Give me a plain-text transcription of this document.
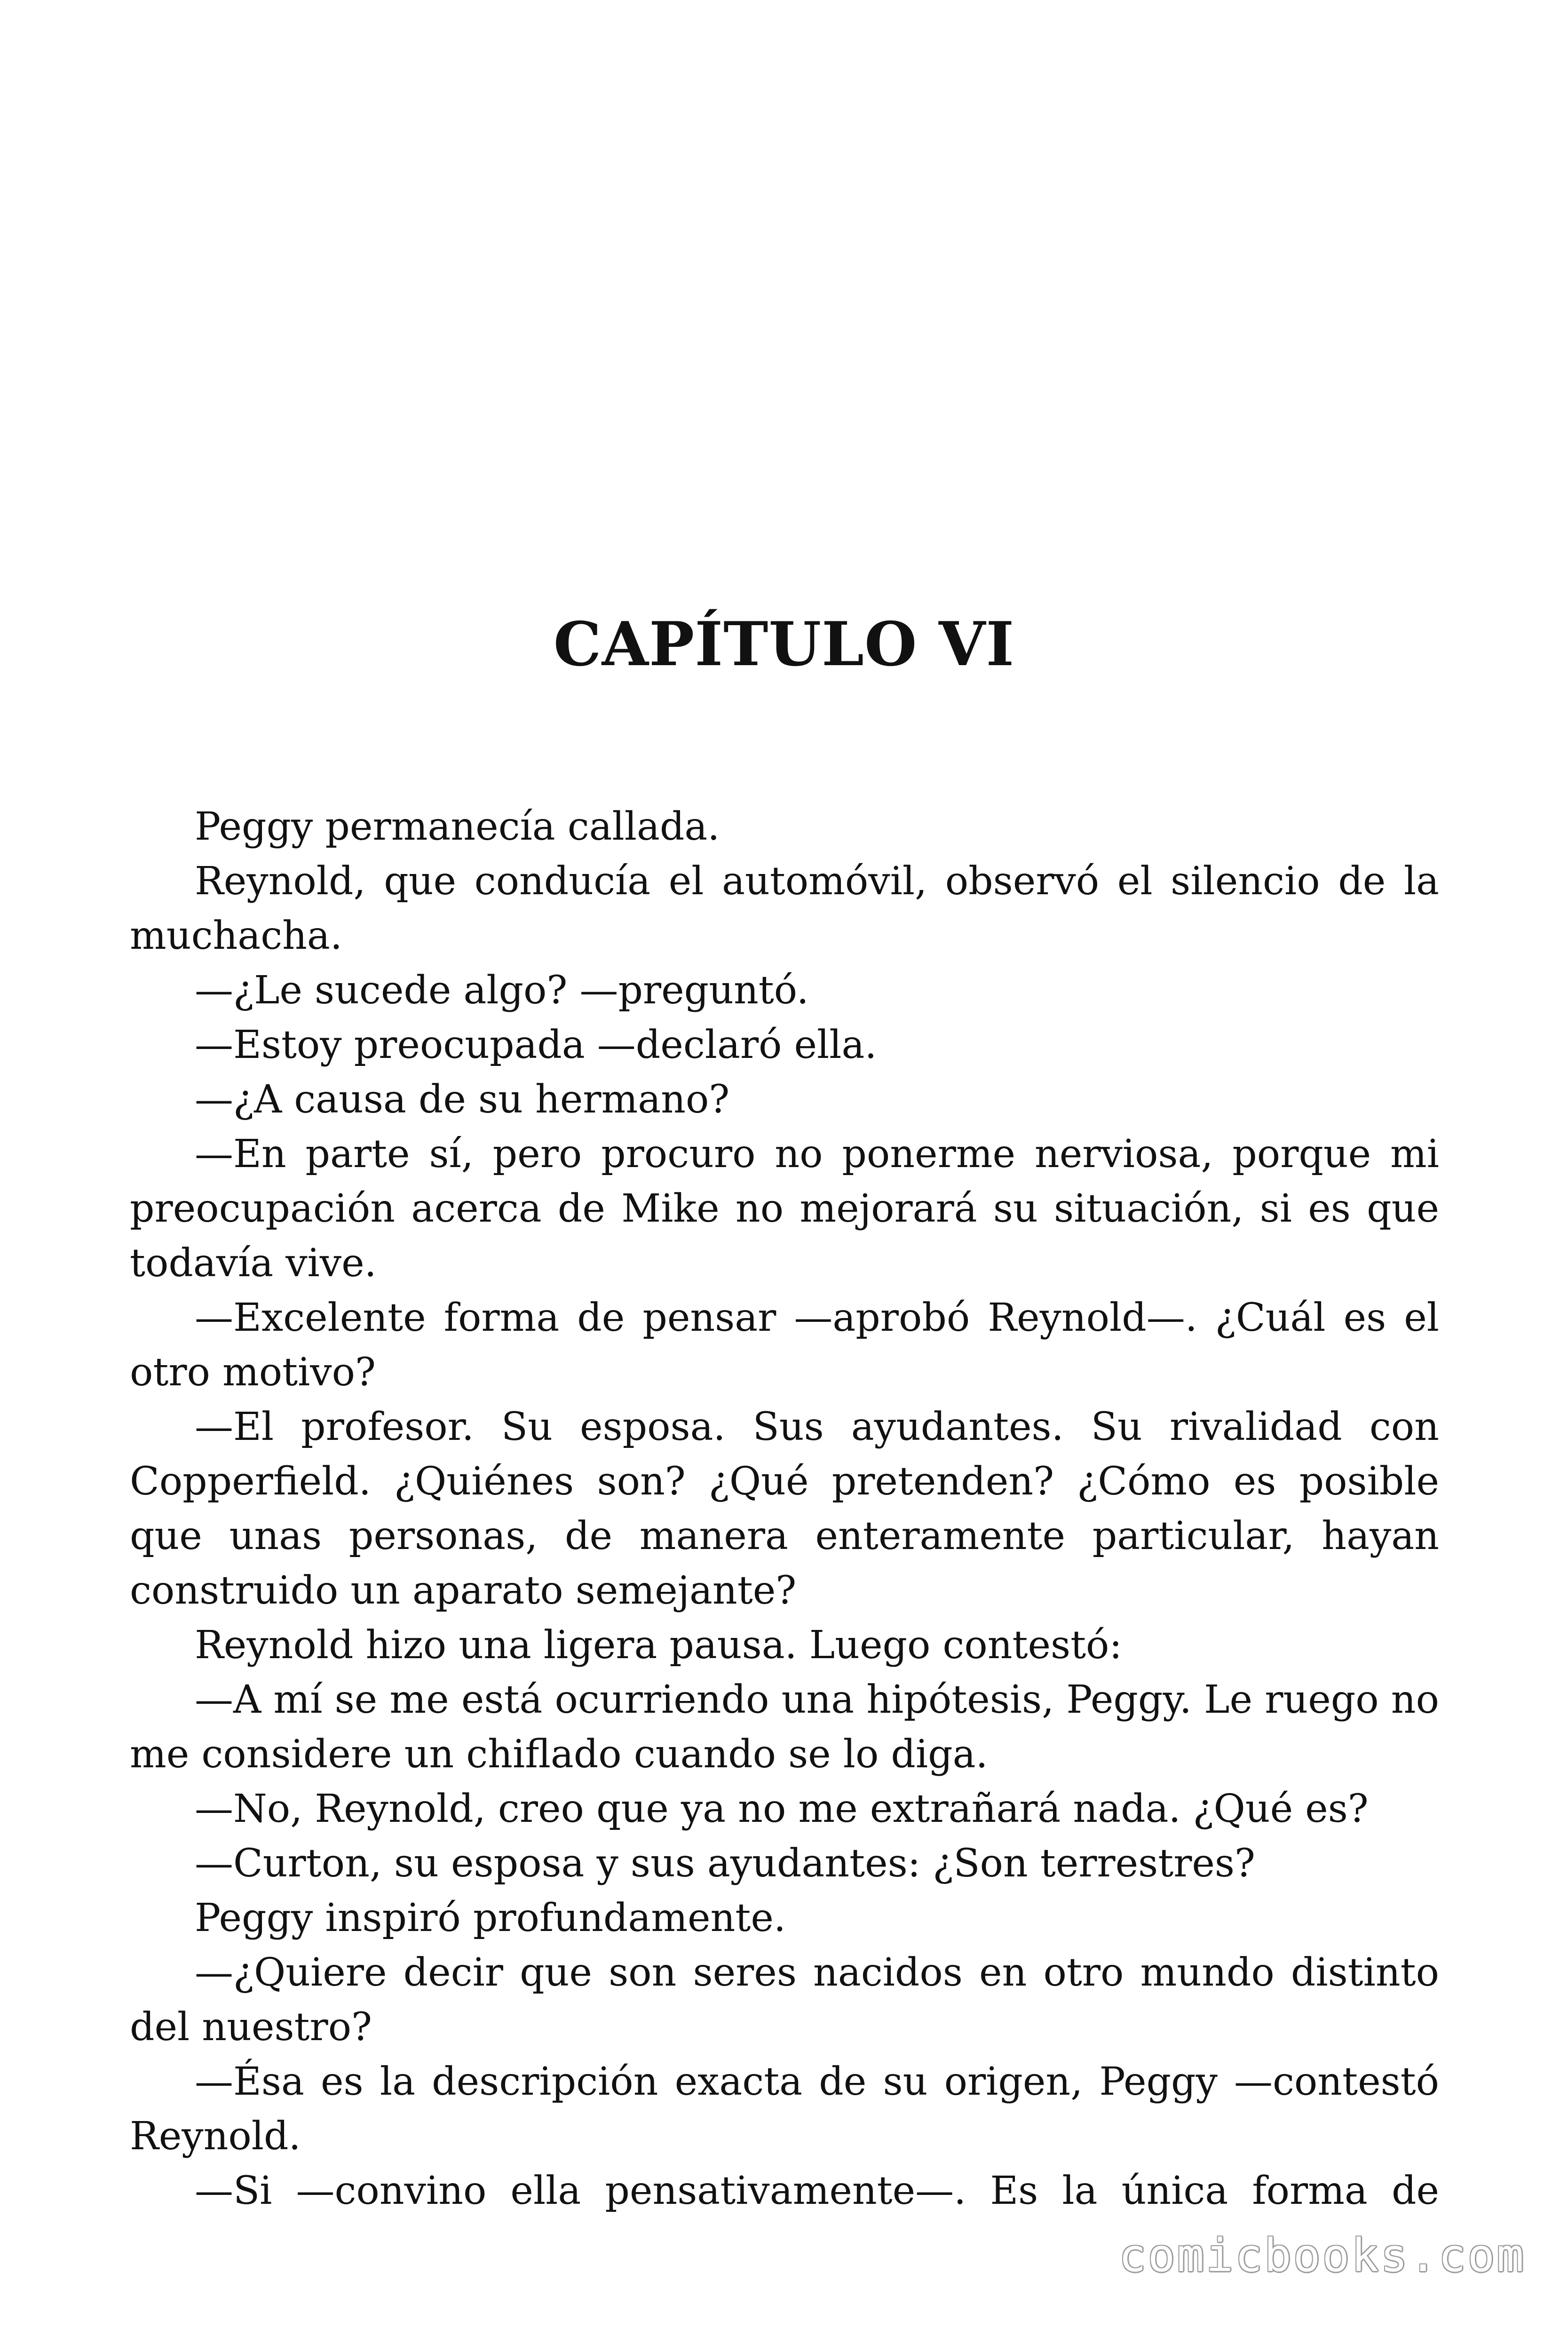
CAPÍTULO VI

Peggy permanecía callada.

Reynold, que conducía el automóvil, observó el silencio de la muchacha.

—¿Le sucede algo? —preguntó.

—Estoy preocupada —declaró ella.

—¿A causa de su hermano?

—En parte sí, pero procuro no ponerme nerviosa, porque mi preocupación acerca de Mike no mejorará su situación, si es que todavía vive.

—Excelente forma de pensar —aprobó Reynold—. ¿Cuál es el otro motivo?

—El profesor. Su esposa. Sus ayudantes. Su rivalidad con Copperfield. ¿Quiénes son? ¿Qué pretenden? ¿Cómo es posible que unas personas, de manera enteramente particular, hayan construido un aparato semejante?

Reynold hizo una ligera pausa. Luego contestó:

—A mí se me está ocurriendo una hipótesis, Peggy. Le ruego no me considere un chiflado cuando se lo diga.

—No, Reynold, creo que ya no me extrañará nada. ¿Qué es?

—Curton, su esposa y sus ayudantes: ¿Son terrestres?

Peggy inspiró profundamente.

—¿Quiere decir que son seres nacidos en otro mundo distinto del nuestro?

—Ésa es la descripción exacta de su origen, Peggy —contestó Reynold.

—Si —convino ella pensativamente—. Es la única forma de

comicbooks.com
